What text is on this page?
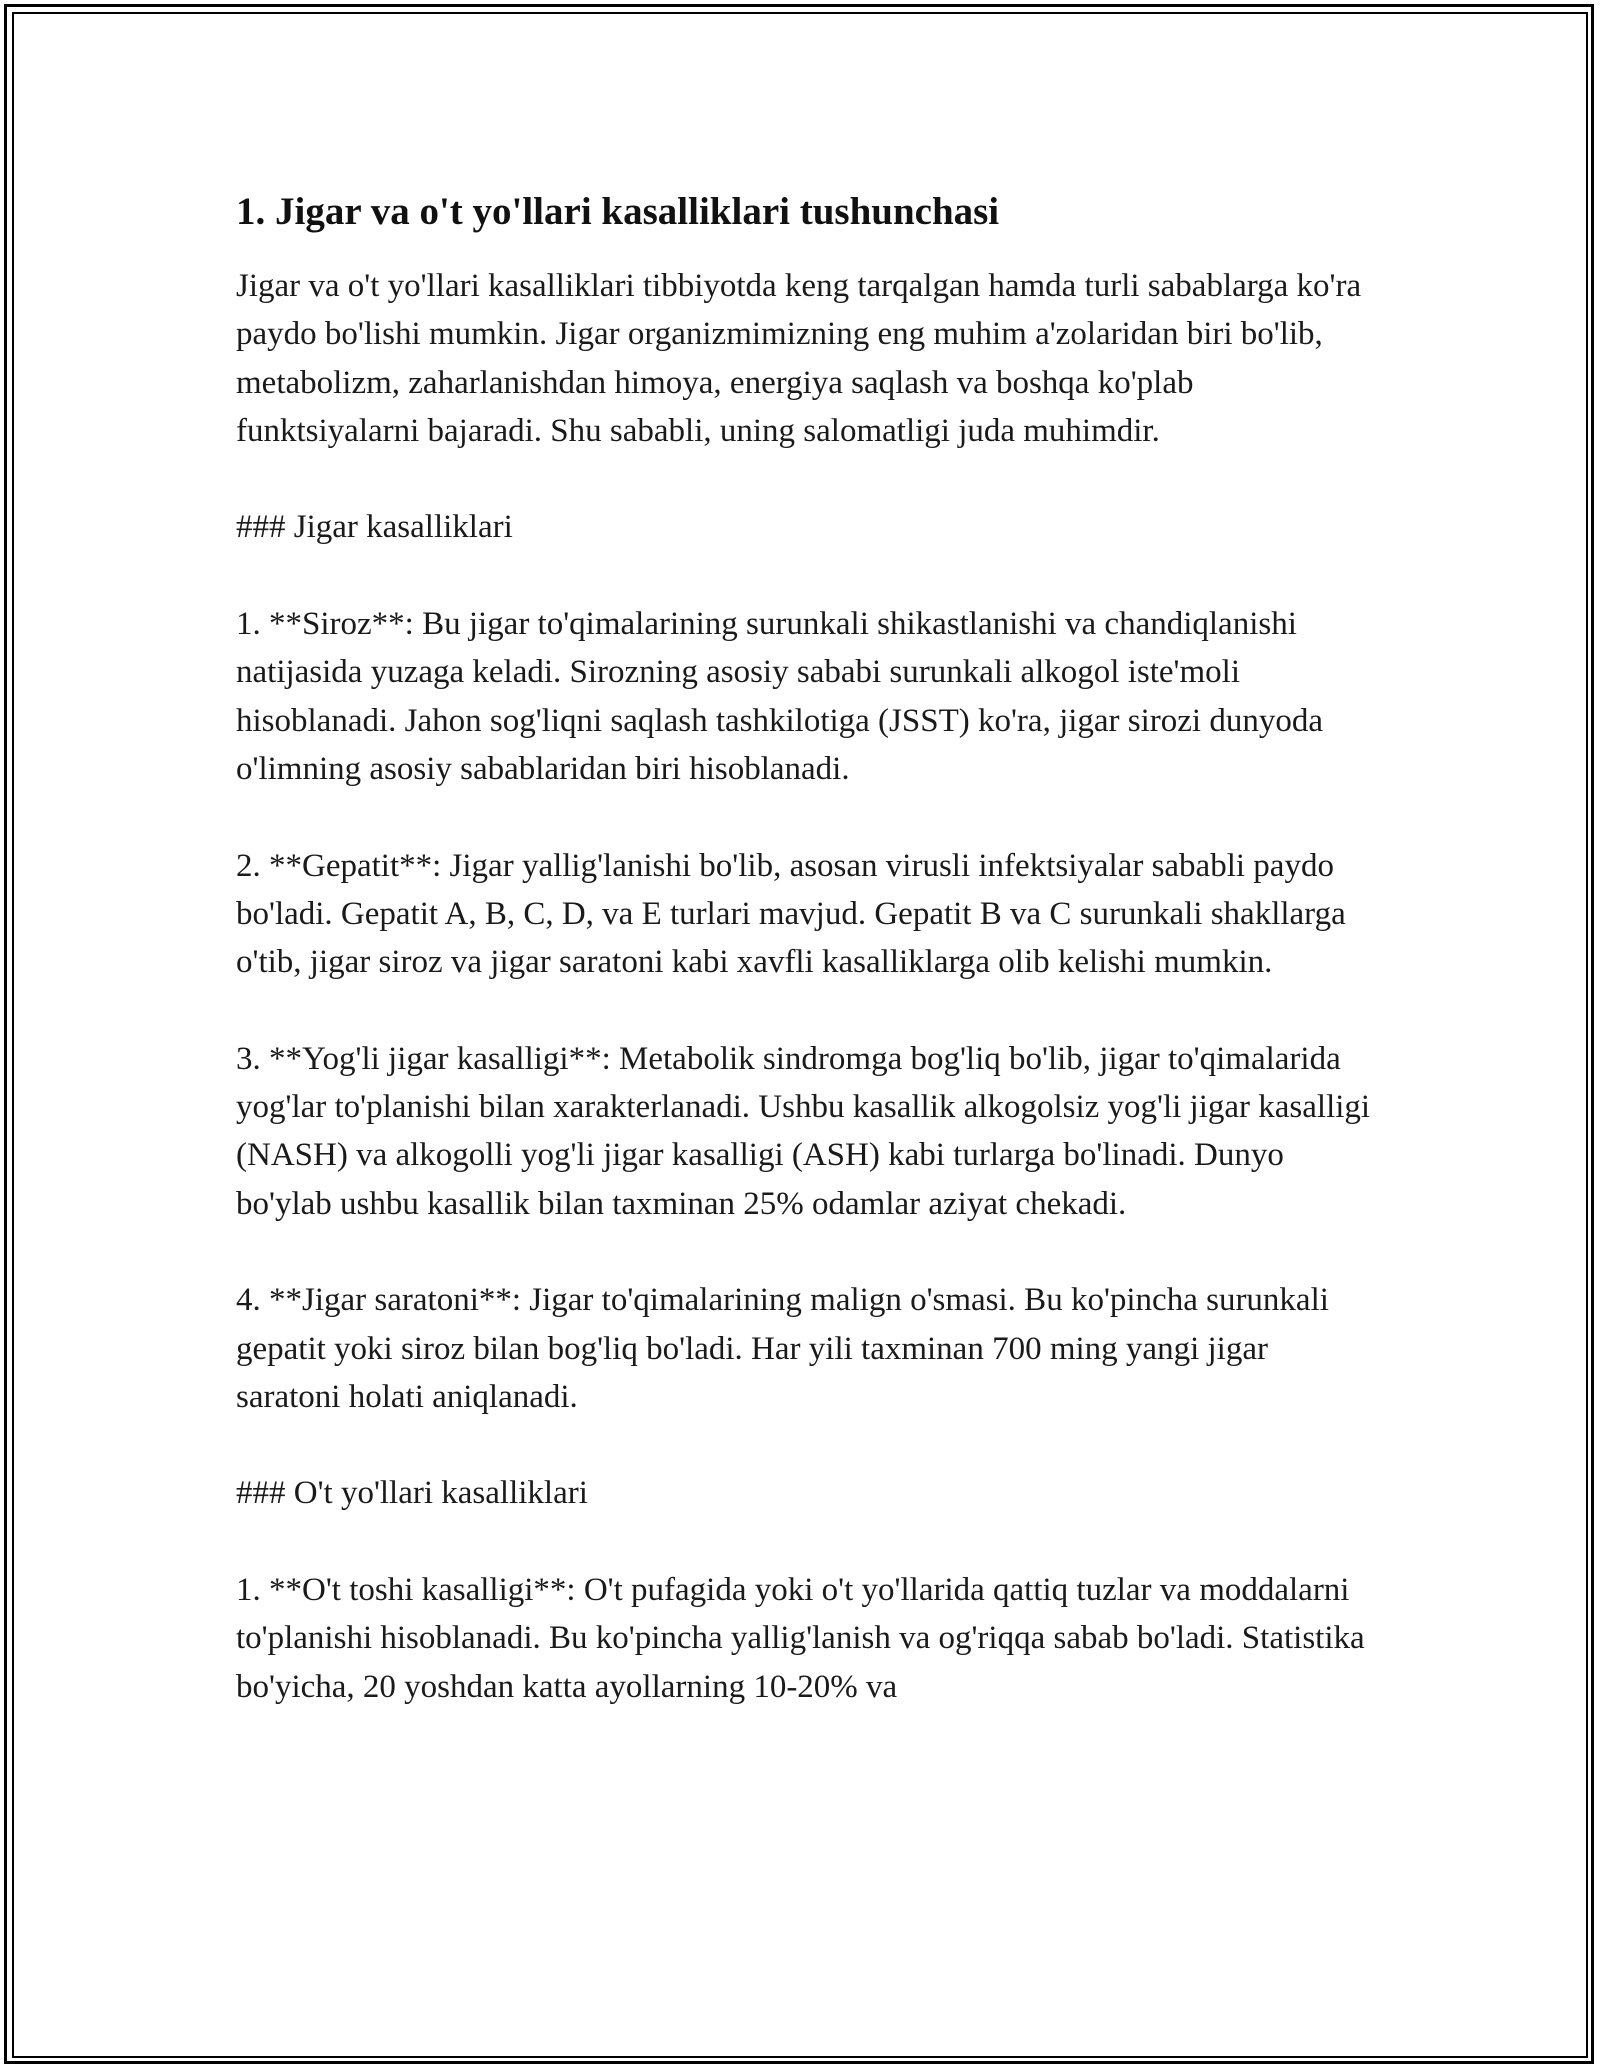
1. Jigar va o't yo'llari kasalliklari tushunchasi

Jigar va o't yo'llari kasalliklari tibbiyotda keng tarqalgan hamda turli sabablarga ko'ra paydo bo'lishi mumkin. Jigar organizmimizning eng muhim a'zolaridan biri bo'lib, metabolizm, zaharlanishdan himoya, energiya saqlash va boshqa ko'plab funktsiyalarni bajaradi. Shu sababli, uning salomatligi juda muhimdir.

### Jigar kasalliklari

1. **Siroz**: Bu jigar to'qimalarining surunkali shikastlanishi va chandiqlanishi natijasida yuzaga keladi. Sirozning asosiy sababi surunkali alkogol iste'moli hisoblanadi. Jahon sog'liqni saqlash tashkilotiga (JSST) ko'ra, jigar sirozi dunyoda o'limning asosiy sabablaridan biri hisoblanadi.

2. **Gepatit**: Jigar yallig'lanishi bo'lib, asosan virusli infektsiyalar sababli paydo bo'ladi. Gepatit A, B, C, D, va E turlari mavjud. Gepatit B va C surunkali shakllarga o'tib, jigar siroz va jigar saratoni kabi xavfli kasalliklarga olib kelishi mumkin.

3. **Yog'li jigar kasalligi**: Metabolik sindromga bog'liq bo'lib, jigar to'qimalarida yog'lar to'planishi bilan xarakterlanadi. Ushbu kasallik alkogolsiz yog'li jigar kasalligi (NASH) va alkogolli yog'li jigar kasalligi (ASH) kabi turlarga bo'linadi. Dunyo bo'ylab ushbu kasallik bilan taxminan 25% odamlar aziyat chekadi.

4. **Jigar saratoni**: Jigar to'qimalarining malign o'smasi. Bu ko'pincha surunkali gepatit yoki siroz bilan bog'liq bo'ladi. Har yili taxminan 700 ming yangi jigar saratoni holati aniqlanadi.

### O't yo'llari kasalliklari

1. **O't toshi kasalligi**: O't pufagida yoki o't yo'llarida qattiq tuzlar va moddalarni to'planishi hisoblanadi. Bu ko'pincha yallig'lanish va og'riqqa sabab bo'ladi. Statistika bo'yicha, 20 yoshdan katta ayollarning 10-20% va
